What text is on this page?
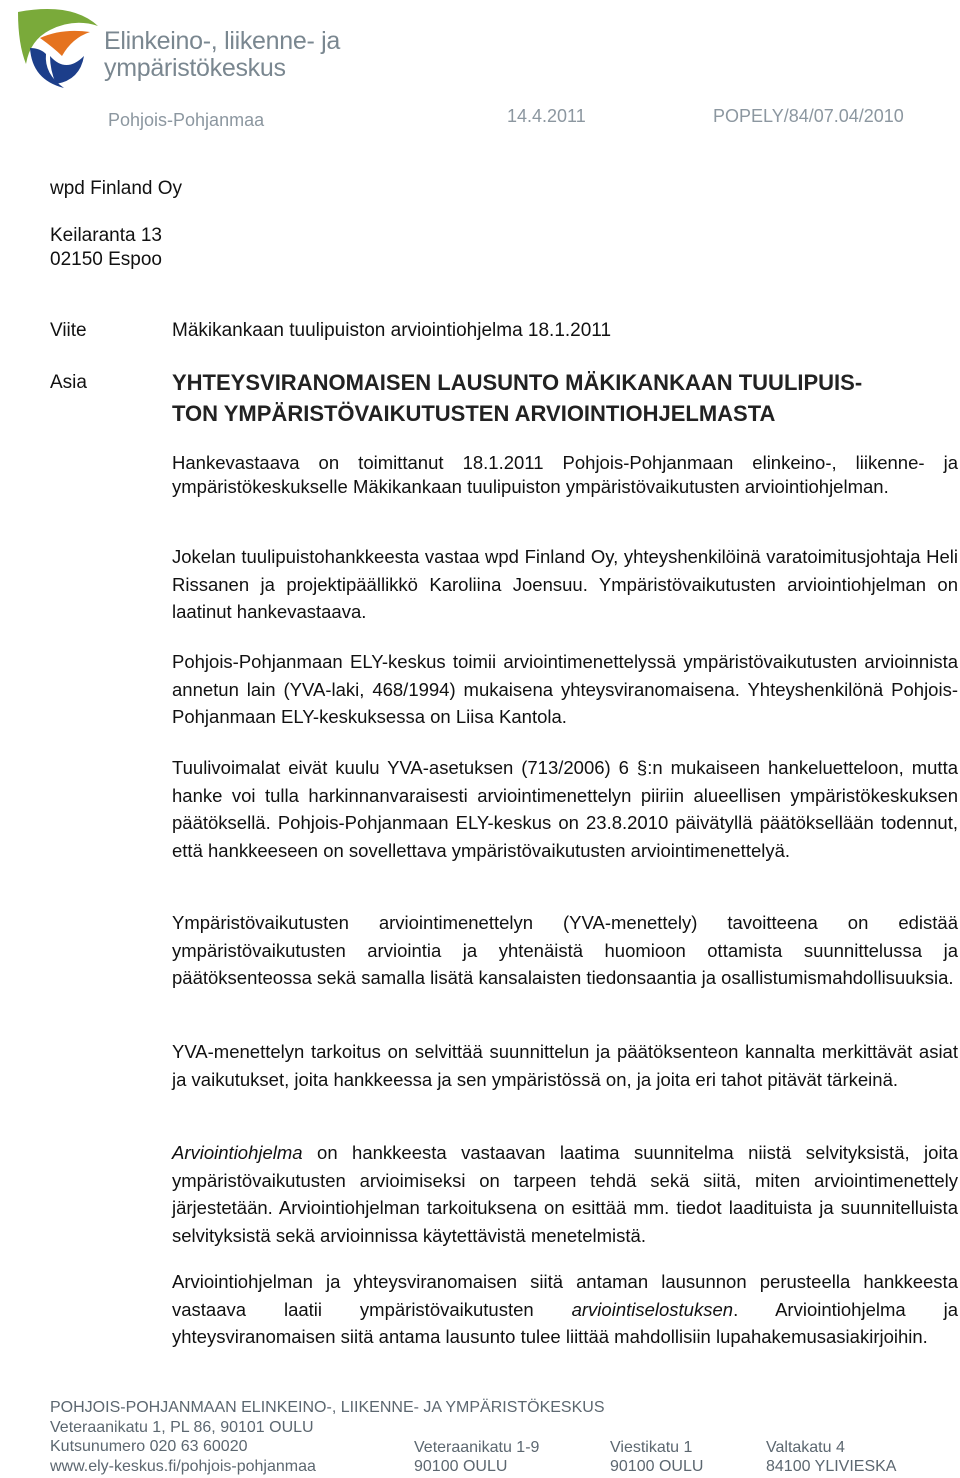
Elinkeino-, liikenne- ja
ympäristökeskus
Pohjois-Pohjanmaa	14.4.2011	POPELY/84/07.04/2010
wpd Finland Oy
Keilaranta 13
02150 Espoo
Viite	Mäkikankaan tuulipuiston arviointiohjelma 18.1.2011
Asia	YHTEYSVIRANOMAISEN LAUSUNTO MÄKIKANKAAN TUULIPUIS-
TON YMPÄRISTÖVAIKUTUSTEN ARVIOINTIOHJELMASTA

Hankevastaava on toimittanut 18.1.2011 Pohjois-Pohjanmaan elinkeino-, liikenne- ja ympäristökeskukselle Mäkikankaan tuulipuiston ympäristövaikutusten arviointiohjelman.

Jokelan tuulipuistohankkeesta vastaa wpd Finland Oy, yhteyshenkilöinä varatoimitusjohtaja Heli Rissanen ja projektipäällikkö Karoliina Joensuu. Ympäristövaikutusten arviointiohjelman on laatinut hankevastaava.

Pohjois-Pohjanmaan ELY-keskus toimii arviointimenettelyssä ympäristövaikutusten arvioinnista annetun lain (YVA-laki, 468/1994) mukaisena yhteysviranomaisena. Yhteyshenkilönä Pohjois-Pohjanmaan ELY-keskuksessa on Liisa Kantola.

Tuulivoimalat eivät kuulu YVA-asetuksen (713/2006) 6 §:n mukaiseen hankeluetteloon, mutta hanke voi tulla harkinnanvaraisesti arviointimenettelyn piiriin alueellisen ympäristökeskuksen päätöksellä. Pohjois-Pohjanmaan ELY-keskus on 23.8.2010 päivätyllä päätöksellään todennut, että hankkeeseen on sovellettava ympäristövaikutusten arviointimenettelyä.

Ympäristövaikutusten arviointimenettelyn (YVA-menettely) tavoitteena on edistää ympäristövaikutusten arviointia ja yhtenäistä huomioon ottamista suunnittelussa ja päätöksenteossa sekä samalla lisätä kansalaisten tiedonsaantia ja osallistumismahdollisuuksia.

YVA-menettelyn tarkoitus on selvittää suunnittelun ja päätöksenteon kannalta merkittävät asiat ja vaikutukset, joita hankkeessa ja sen ympäristössä on, ja joita eri tahot pitävät tärkeinä.

Arviointiohjelma on hankkeesta vastaavan laatima suunnitelma niistä selvityksistä, joita ympäristövaikutusten arvioimiseksi on tarpeen tehdä sekä siitä, miten arviointimenettely järjestetään. Arviointiohjelman tarkoituksena on esittää mm. tiedot laadituista ja suunnitelluista selvityksistä sekä arvioinnissa käytettävistä menetelmistä.

Arviointiohjelman ja yhteysviranomaisen siitä antaman lausunnon perusteella hankkeesta vastaava laatii ympäristövaikutusten arviointiselostuksen. Arviointiohjelma ja yhteysviranomaisen siitä antama lausunto tulee liittää mahdollisiin lupahakemusasiakirjoihin.

POHJOIS-POHJANMAAN ELINKEINO-, LIIKENNE- JA YMPÄRISTÖKESKUS
Veteraanikatu 1, PL 86, 90101 OULU
Kutsunumero 020 63 60020
www.ely-keskus.fi/pohjois-pohjanmaa
Veteraanikatu 1-9
90100 OULU
Viestikatu 1
90100 OULU
Valtakatu 4
84100 YLIVIESKA
